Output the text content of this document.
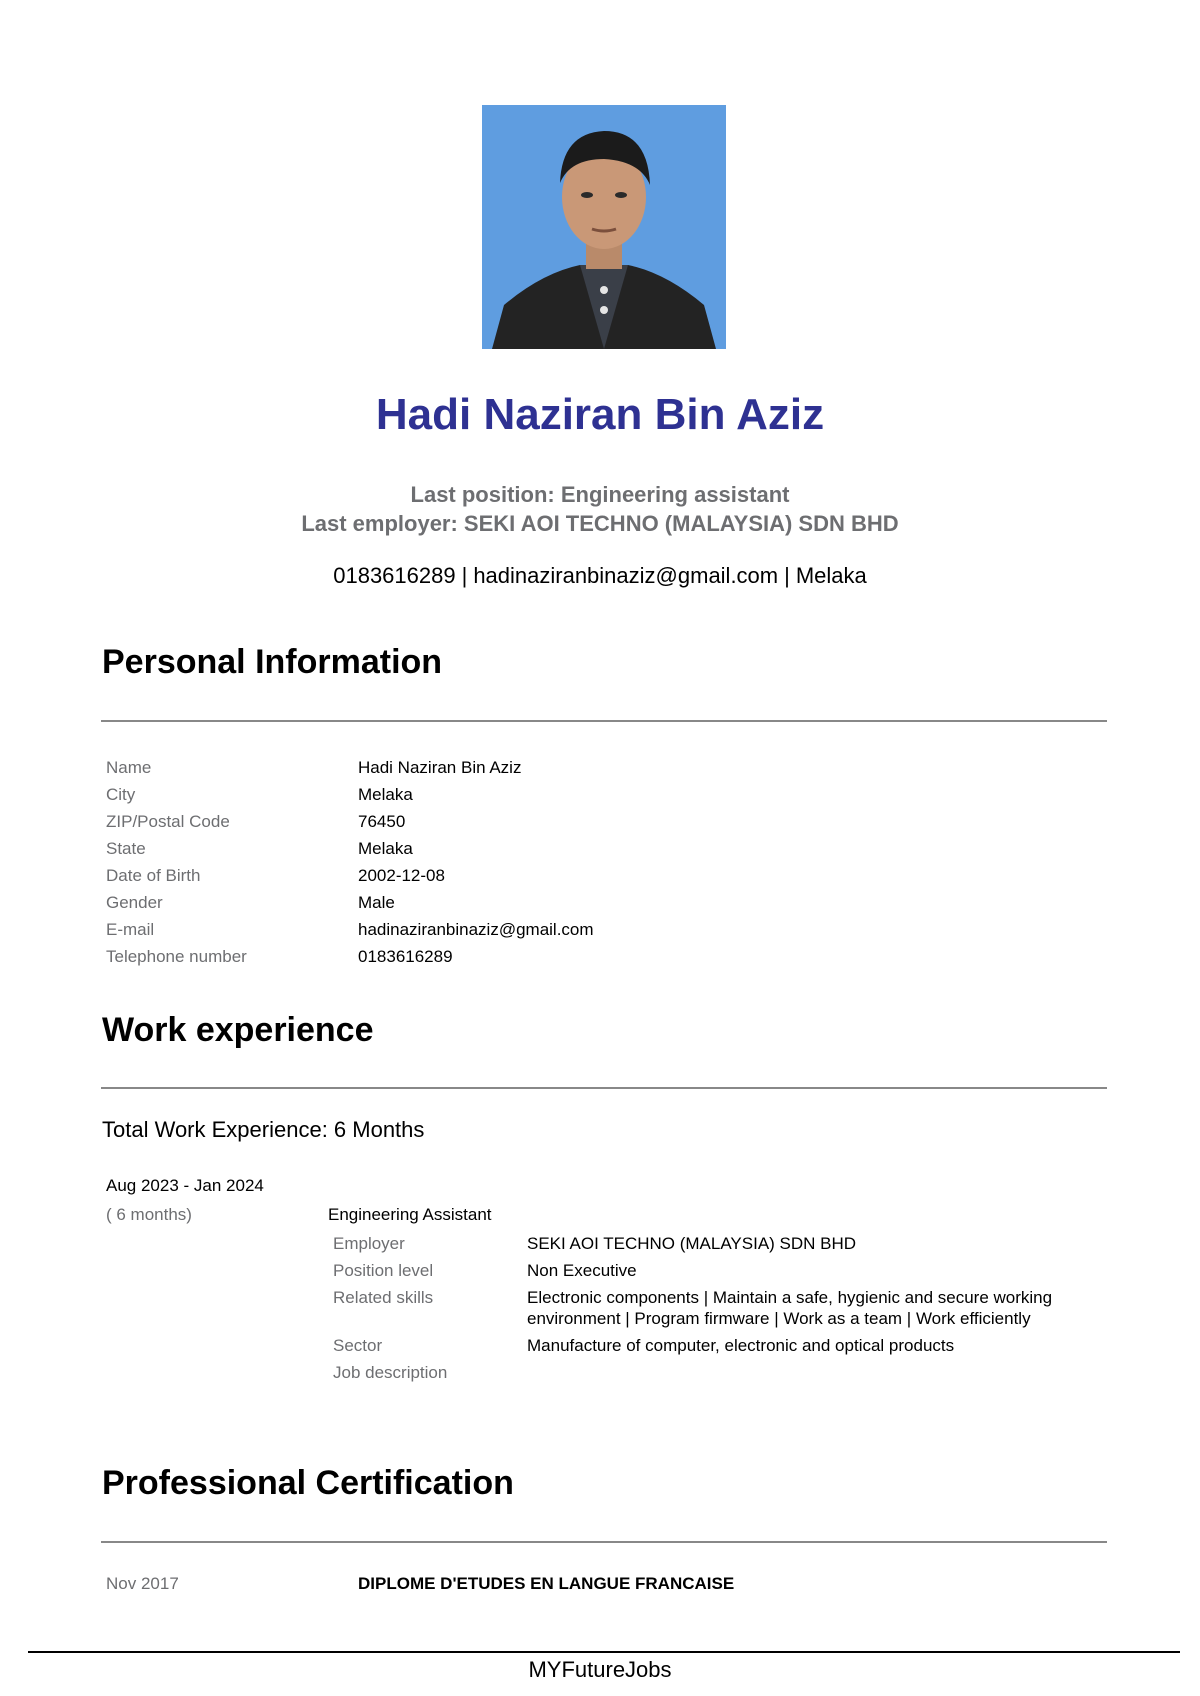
Hadi Naziran Bin Aziz
Last position: Engineering assistant
Last employer: SEKI AOI TECHNO (MALAYSIA) SDN BHD
0183616289 | hadinaziranbinaziz@gmail.com | Melaka
Personal Information
Name	Hadi Naziran Bin Aziz
City	Melaka
ZIP/Postal Code	76450
State	Melaka
Date of Birth	2002-12-08
Gender	Male
E-mail	hadinaziranbinaziz@gmail.com
Telephone number	0183616289
Work experience
Total Work Experience: 6 Months
Aug 2023 - Jan 2024
( 6 months)	Engineering Assistant
Employer	SEKI AOI TECHNO (MALAYSIA) SDN BHD
Position level	Non Executive
Related skills	Electronic components | Maintain a safe, hygienic and secure working environment | Program firmware | Work as a team | Work efficiently
Sector	Manufacture of computer, electronic and optical products
Job description
Professional Certification
Nov 2017	DIPLOME D'ETUDES EN LANGUE FRANCAISE
MYFutureJobs
